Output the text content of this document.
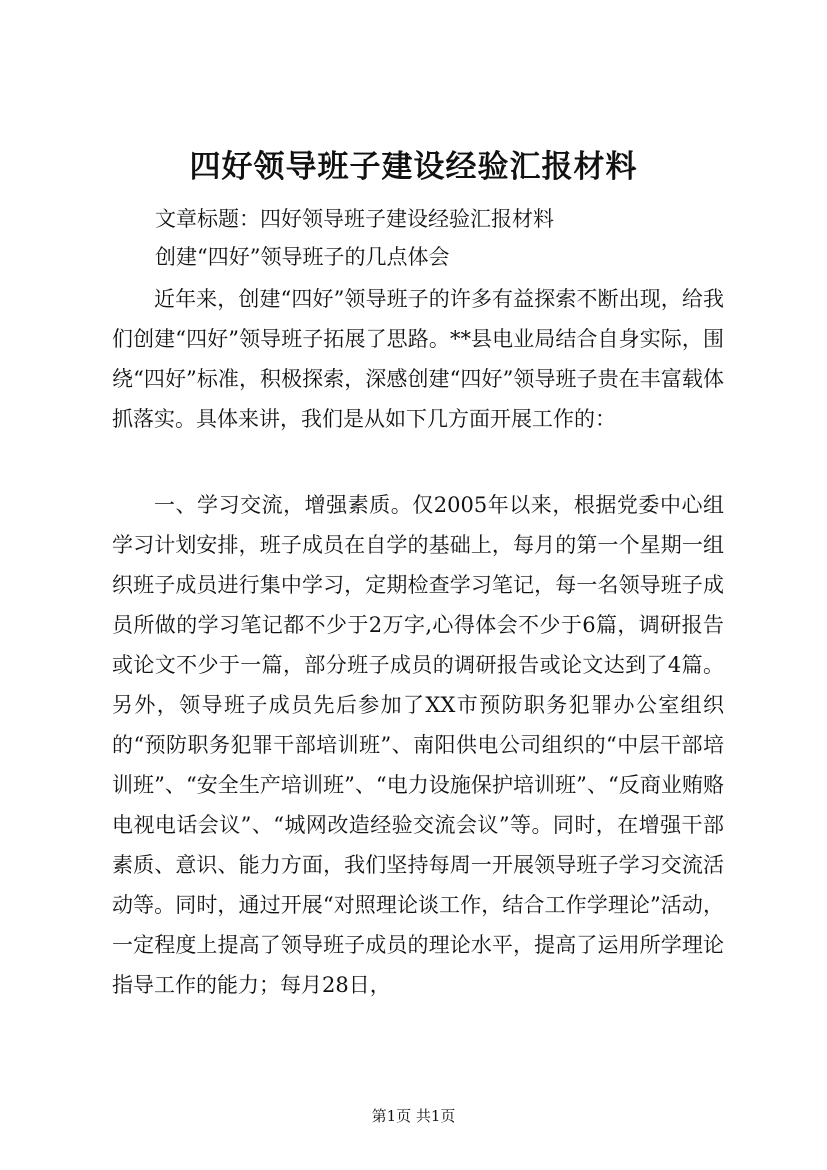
四好领导班子建设经验汇报材料

文章标题：四好领导班子建设经验汇报材料

创建“四好”领导班子的几点体会

近年来，创建“四好”领导班子的许多有益探索不断出现，给我们创建“四好”领导班子拓展了思路。**县电业局结合自身实际，围绕“四好”标准，积极探索，深感创建“四好”领导班子贵在丰富载体抓落实。具体来讲，我们是从如下几方面开展工作的：

一、学习交流，增强素质。仅2005年以来，根据党委中心组学习计划安排，班子成员在自学的基础上，每月的第一个星期一组织班子成员进行集中学习，定期检查学习笔记，每一名领导班子成员所做的学习笔记都不少于2万字,心得体会不少于6篇，调研报告或论文不少于一篇，部分班子成员的调研报告或论文达到了4篇。另外，领导班子成员先后参加了XX市预防职务犯罪办公室组织的“预防职务犯罪干部培训班”、南阳供电公司组织的“中层干部培训班”、“安全生产培训班”、“电力设施保护培训班”、“反商业贿赂电视电话会议”、“城网改造经验交流会议”等。同时，在增强干部素质、意识、能力方面，我们坚持每周一开展领导班子学习交流活动等。同时，通过开展“对照理论谈工作，结合工作学理论”活动，一定程度上提高了领导班子成员的理论水平，提高了运用所学理论指导工作的能力；每月28日，

第1页 共1页
